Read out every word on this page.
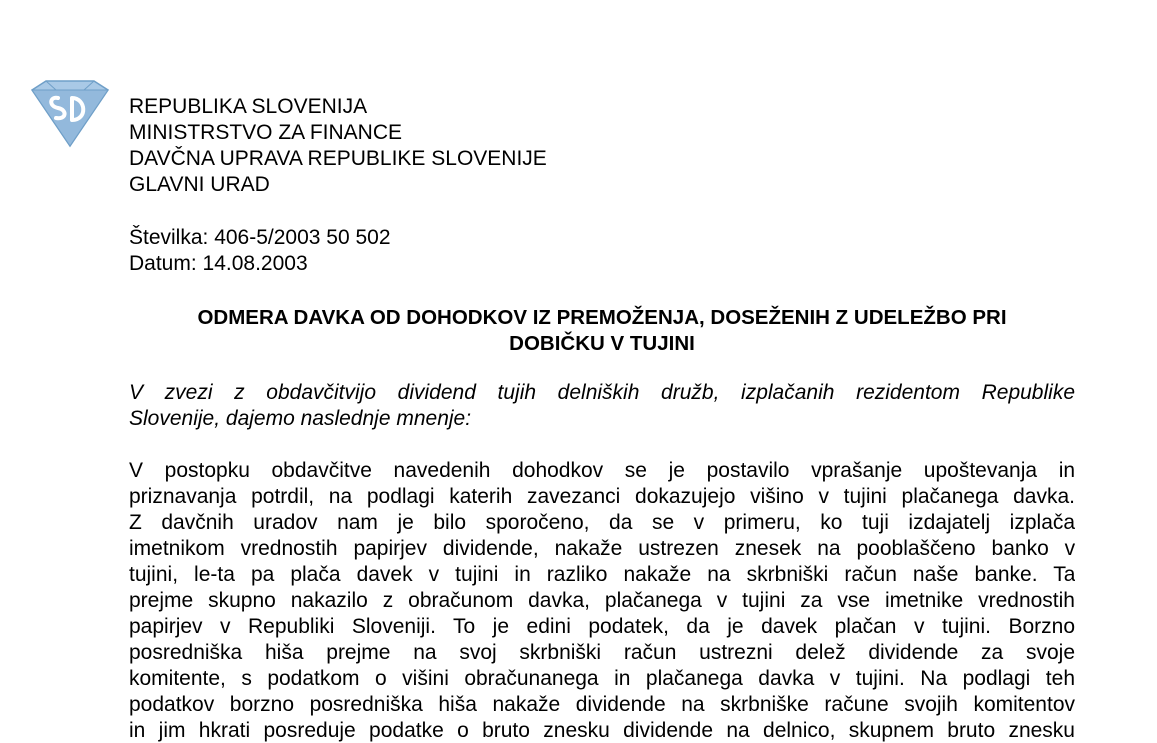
REPUBLIKA SLOVENIJA
MINISTRSTVO ZA FINANCE
DAVČNA UPRAVA REPUBLIKE SLOVENIJE
GLAVNI URAD
Številka: 406-5/2003 50 502
Datum: 14.08.2003
ODMERA DAVKA OD DOHODKOV IZ PREMOŽENJA, DOSEŽENIH Z UDELEŽBO PRI
DOBIČKU V TUJINI
V zvezi z obdavčitvijo dividend tujih delniških družb, izplačanih rezidentom Republike
Slovenije, dajemo naslednje mnenje:
V postopku obdavčitve navedenih dohodkov se je postavilo vprašanje upoštevanja in
priznavanja potrdil, na podlagi katerih zavezanci dokazujejo višino v tujini plačanega davka.
Z davčnih uradov nam je bilo sporočeno, da se v primeru, ko tuji izdajatelj izplača
imetnikom vrednostih papirjev dividende, nakaže ustrezen znesek na pooblaščeno banko v
tujini, le-ta pa plača davek v tujini in razliko nakaže na skrbniški račun naše banke. Ta
prejme skupno nakazilo z obračunom davka, plačanega v tujini za vse imetnike vrednostih
papirjev v Republiki Sloveniji. To je edini podatek, da je davek plačan v tujini. Borzno
posredniška hiša prejme na svoj skrbniški račun ustrezni delež dividende za svoje
komitente, s podatkom o višini obračunanega in plačanega davka v tujini. Na podlagi teh
podatkov borzno posredniška hiša nakaže dividende na skrbniške račune svojih komitentov
in jim hkrati posreduje podatke o bruto znesku dividende na delnico, skupnem bruto znesku
